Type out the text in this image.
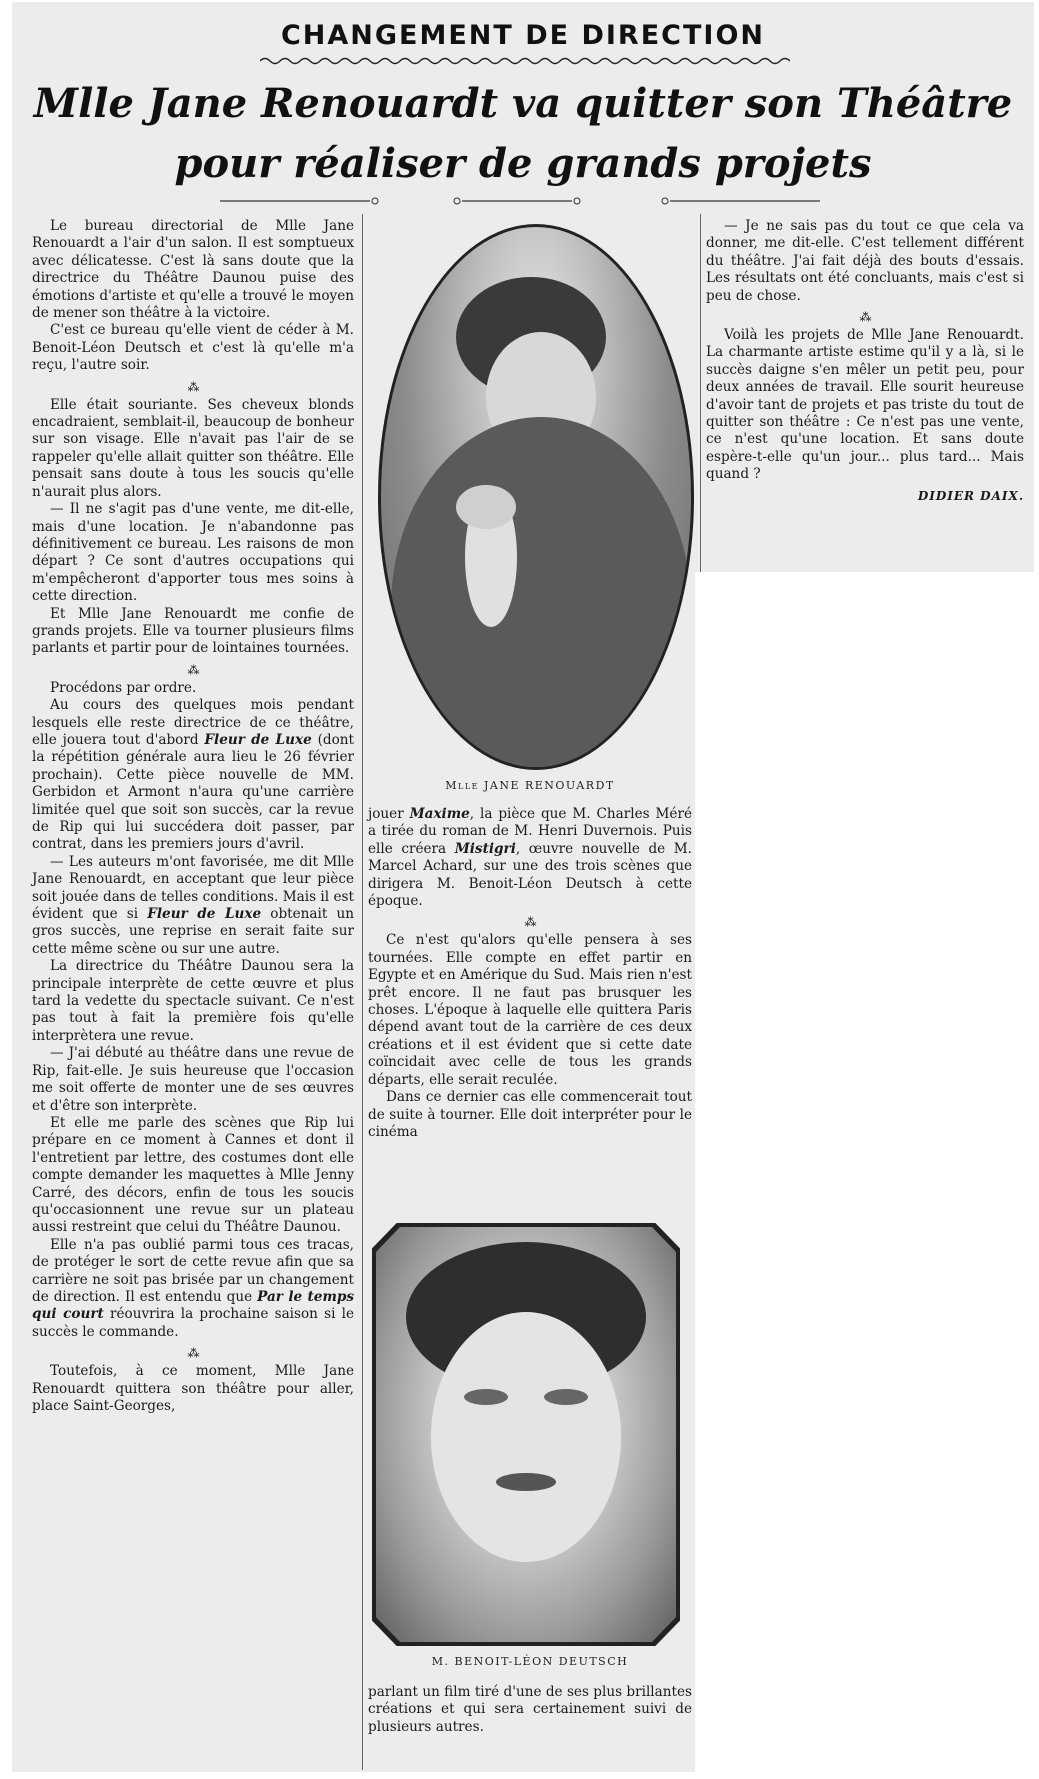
CHANGEMENT DE DIRECTION
Mlle Jane Renouardt va quitter son Théâtre
pour réaliser de grands projets

Le bureau directorial de Mlle Jane Renouardt a l'air d'un salon. Il est somptueux avec délicatesse. C'est là sans doute que la directrice du Théâtre Daunou puise des émotions d'artiste et qu'elle a trouvé le moyen de mener son théâtre à la victoire.

C'est ce bureau qu'elle vient de céder à M. Benoit-Léon Deutsch et c'est là qu'elle m'a reçu, l'autre soir.

⁂

Elle était souriante. Ses cheveux blonds encadraient, semblait-il, beaucoup de bonheur sur son visage. Elle n'avait pas l'air de se rappeler qu'elle allait quitter son théâtre. Elle pensait sans doute à tous les soucis qu'elle n'aurait plus alors.

— Il ne s'agit pas d'une vente, me dit-elle, mais d'une location. Je n'abandonne pas définitivement ce bureau. Les raisons de mon départ ? Ce sont d'autres occupations qui m'empêcheront d'apporter tous mes soins à cette direction.

Et Mlle Jane Renouardt me confie de grands projets. Elle va tourner plusieurs films parlants et partir pour de lointaines tournées.

⁂

Procédons par ordre.

Au cours des quelques mois pendant lesquels elle reste directrice de ce théâtre, elle jouera tout d'abord Fleur de Luxe (dont la répétition générale aura lieu le 26 février prochain). Cette pièce nouvelle de MM. Gerbidon et Armont n'aura qu'une carrière limitée quel que soit son succès, car la revue de Rip qui lui succédera doit passer, par contrat, dans les premiers jours d'avril.

— Les auteurs m'ont favorisée, me dit Mlle Jane Renouardt, en acceptant que leur pièce soit jouée dans de telles conditions. Mais il est évident que si Fleur de Luxe obtenait un gros succès, une reprise en serait faite sur cette même scène ou sur une autre.

La directrice du Théâtre Daunou sera la principale interprète de cette œuvre et plus tard la vedette du spectacle suivant. Ce n'est pas tout à fait la première fois qu'elle interprètera une revue.

— J'ai débuté au théâtre dans une revue de Rip, fait-elle. Je suis heureuse que l'occasion me soit offerte de monter une de ses œuvres et d'être son interprète.

Et elle me parle des scènes que Rip lui prépare en ce moment à Cannes et dont il l'entretient par lettre, des costumes dont elle compte demander les maquettes à Mlle Jenny Carré, des décors, enfin de tous les soucis qu'occasionnent une revue sur un plateau aussi restreint que celui du Théâtre Daunou.

Elle n'a pas oublié parmi tous ces tracas, de protéger le sort de cette revue afin que sa carrière ne soit pas brisée par un changement de direction. Il est entendu que Par le temps qui court réouvrira la prochaine saison si le succès le commande.

⁂

Toutefois, à ce moment, Mlle Jane Renouardt quittera son théâtre pour aller, place Saint-Georges,

Mlle JANE RENOUARDT

jouer Maxime, la pièce que M. Charles Méré a tirée du roman de M. Henri Duvernois. Puis elle créera Mistigri, œuvre nouvelle de M. Marcel Achard, sur une des trois scènes que dirigera M. Benoit-Léon Deutsch à cette époque.

⁂

Ce n'est qu'alors qu'elle pensera à ses tournées. Elle compte en effet partir en Egypte et en Amérique du Sud. Mais rien n'est prêt encore. Il ne faut pas brusquer les choses. L'époque à laquelle elle quittera Paris dépend avant tout de la carrière de ces deux créations et il est évident que si cette date coïncidait avec celle de tous les grands départs, elle serait reculée.

Dans ce dernier cas elle commencerait tout de suite à tourner. Elle doit interpréter pour le cinéma

M. BENOIT-LÉON DEUTSCH

parlant un film tiré d'une de ses plus brillantes créations et qui sera certainement suivi de plusieurs autres.

— Je ne sais pas du tout ce que cela va donner, me dit-elle. C'est tellement différent du théâtre. J'ai fait déjà des bouts d'essais. Les résultats ont été concluants, mais c'est si peu de chose.

⁂

Voilà les projets de Mlle Jane Renouardt. La charmante artiste estime qu'il y a là, si le succès daigne s'en mêler un petit peu, pour deux années de travail. Elle sourit heureuse d'avoir tant de projets et pas triste du tout de quitter son théâtre : Ce n'est pas une vente, ce n'est qu'une location. Et sans doute espère-t-elle qu'un jour... plus tard... Mais quand ?

DIDIER DAIX.
